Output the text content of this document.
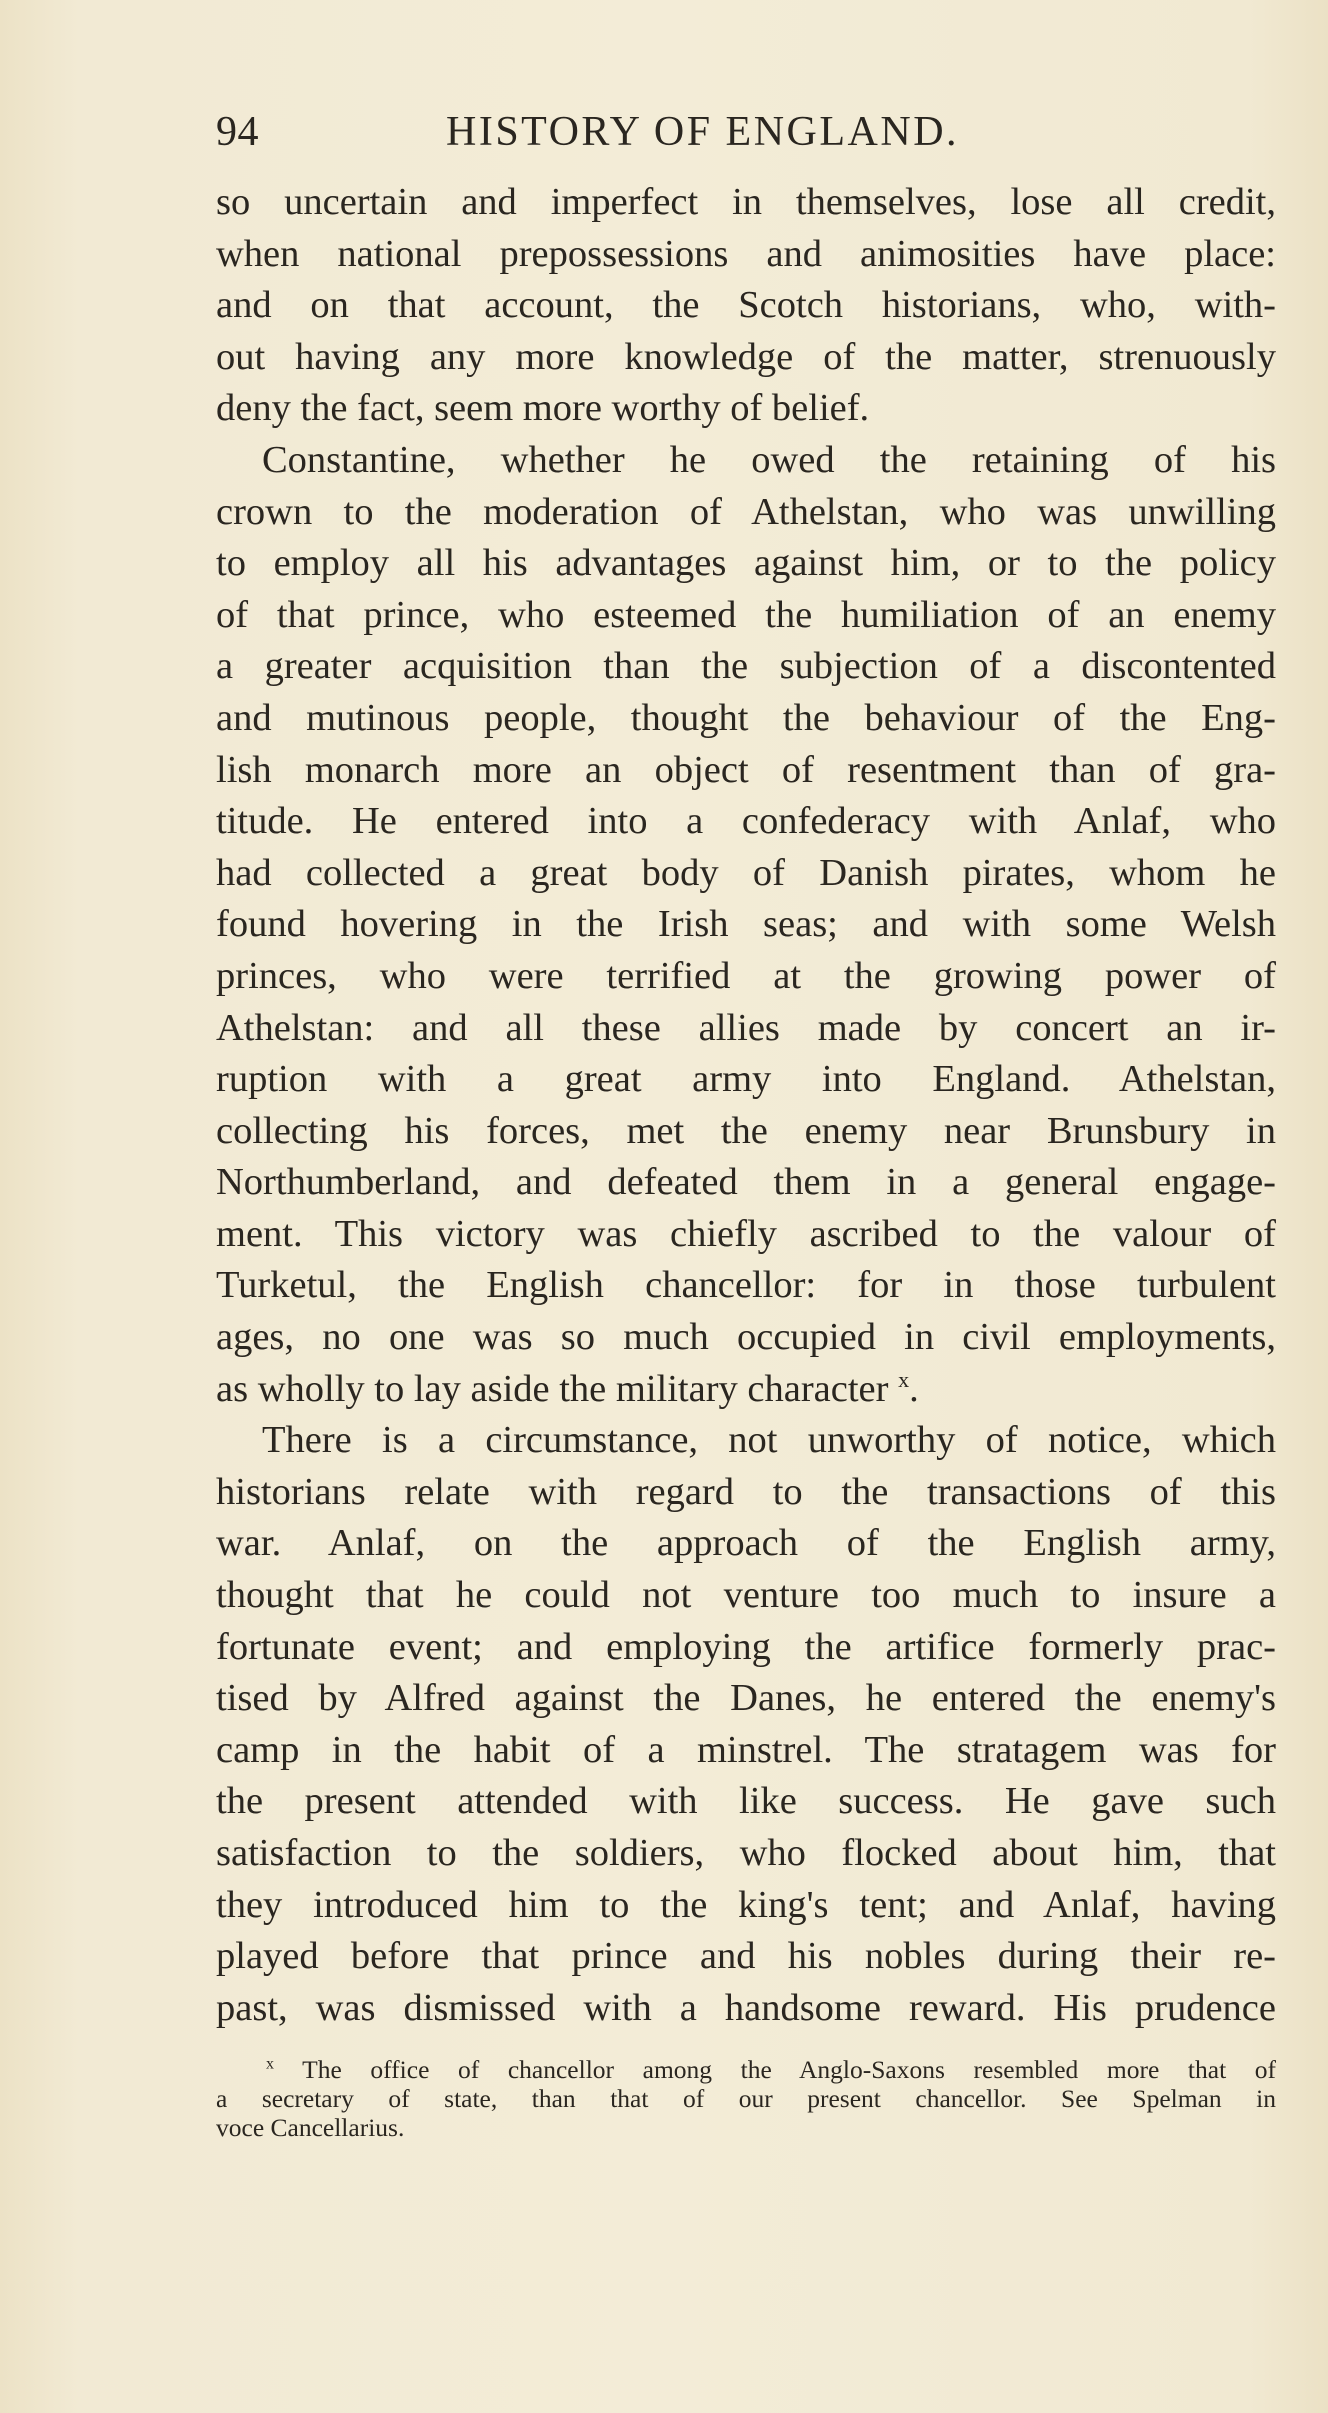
94	HISTORY OF ENGLAND.
so uncertain and imperfect in themselves, lose all credit,
when national prepossessions and animosities have place:
and on that account, the Scotch historians, who, with-
out having any more knowledge of the matter, strenuously
deny the fact, seem more worthy of belief.
Constantine, whether he owed the retaining of his
crown to the moderation of Athelstan, who was unwilling
to employ all his advantages against him, or to the policy
of that prince, who esteemed the humiliation of an enemy
a greater acquisition than the subjection of a discontented
and mutinous people, thought the behaviour of the Eng-
lish monarch more an object of resentment than of gra-
titude. He entered into a confederacy with Anlaf, who
had collected a great body of Danish pirates, whom he
found hovering in the Irish seas; and with some Welsh
princes, who were terrified at the growing power of
Athelstan: and all these allies made by concert an ir-
ruption with a great army into England. Athelstan,
collecting his forces, met the enemy near Brunsbury in
Northumberland, and defeated them in a general engage-
ment. This victory was chiefly ascribed to the valour of
Turketul, the English chancellor: for in those turbulent
ages, no one was so much occupied in civil employments,
as wholly to lay aside the military character $^x$.
There is a circumstance, not unworthy of notice, which
historians relate with regard to the transactions of this
war. Anlaf, on the approach of the English army,
thought that he could not venture too much to insure a
fortunate event; and employing the artifice formerly prac-
tised by Alfred against the Danes, he entered the enemy's
camp in the habit of a minstrel. The stratagem was for
the present attended with like success. He gave such
satisfaction to the soldiers, who flocked about him, that
they introduced him to the king's tent; and Anlaf, having
played before that prince and his nobles during their re-
past, was dismissed with a handsome reward. His prudence
$^x$ The office of chancellor among the Anglo-Saxons resembled more that of
a secretary of state, than that of our present chancellor. See Spelman in
voce Cancellarius.
